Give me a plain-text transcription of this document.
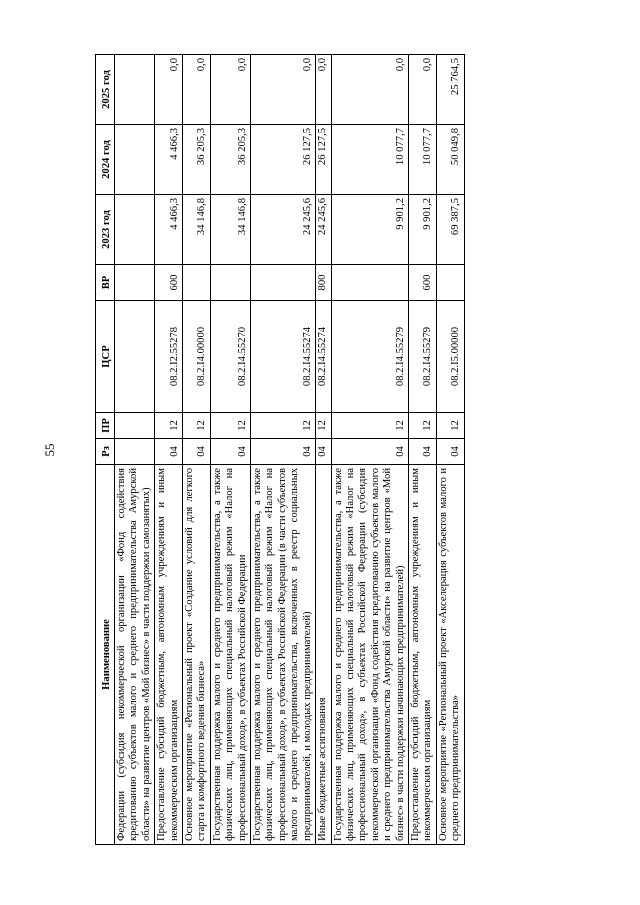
55
Наименование	Рз	ПР	ЦСР	ВР	2023 год	2024 год	2025 год
Федерации (субсидия некоммерческой организации «Фонд содействия кредитованию субъектов малого и среднего предпринимательства Амурской области» на развитие центров «Мой бизнес» в части поддержки самозанятых)							
Предоставление субсидий бюджетным, автономным учреждениям и иным некоммерческим организациям	04	12	08.2.I2.55278	600	4 466,3	4 466,3	0,0
Основное мероприятие «Региональный проект «Создание условий для легкого старта и комфортного ведения бизнеса»	04	12	08.2.I4.00000		34 146,8	36 205,3	0,0
Государственная поддержка малого и среднего предпринимательства, а также физических лиц, применяющих специальный налоговый режим «Налог на профессиональный доход», в субъектах Российской Федерации	04	12	08.2.I4.55270		34 146,8	36 205,3	0,0
Государственная поддержка малого и среднего предпринимательства, а также физических лиц, применяющих специальный налоговый режим «Налог на профессиональный доход», в субъектах Российской Федерации (в части субъектов малого и среднего предпринимательства, включенных в реестр социальных предпринимателей, и молодых предпринимателей)	04	12	08.2.I4.55274		24 245,6	26 127,5	0,0
Иные бюджетные ассигнования	04	12	08.2.I4.55274	800	24 245,6	26 127,5	0,0
Государственная поддержка малого и среднего предпринимательства, а также физических лиц, применяющих специальный налоговый режим «Налог на профессиональный доход», в субъектах Российской Федерации (субсидия некоммерческой организации «Фонд содействия кредитованию субъектов малого и среднего предпринимательства Амурской области» на развитие центров «Мой бизнес» в части поддержки начинающих предпринимателей)	04	12	08.2.I4.55279		9 901,2	10 077,7	0,0
Предоставление субсидий бюджетным, автономным учреждениям и иным некоммерческим организациям	04	12	08.2.I4.55279	600	9 901,2	10 077,7	0,0
Основное мероприятие «Региональный проект «Акселерация субъектов малого и среднего предпринимательства»	04	12	08.2.I5.00000		69 387,5	50 049,8	25 764,5
